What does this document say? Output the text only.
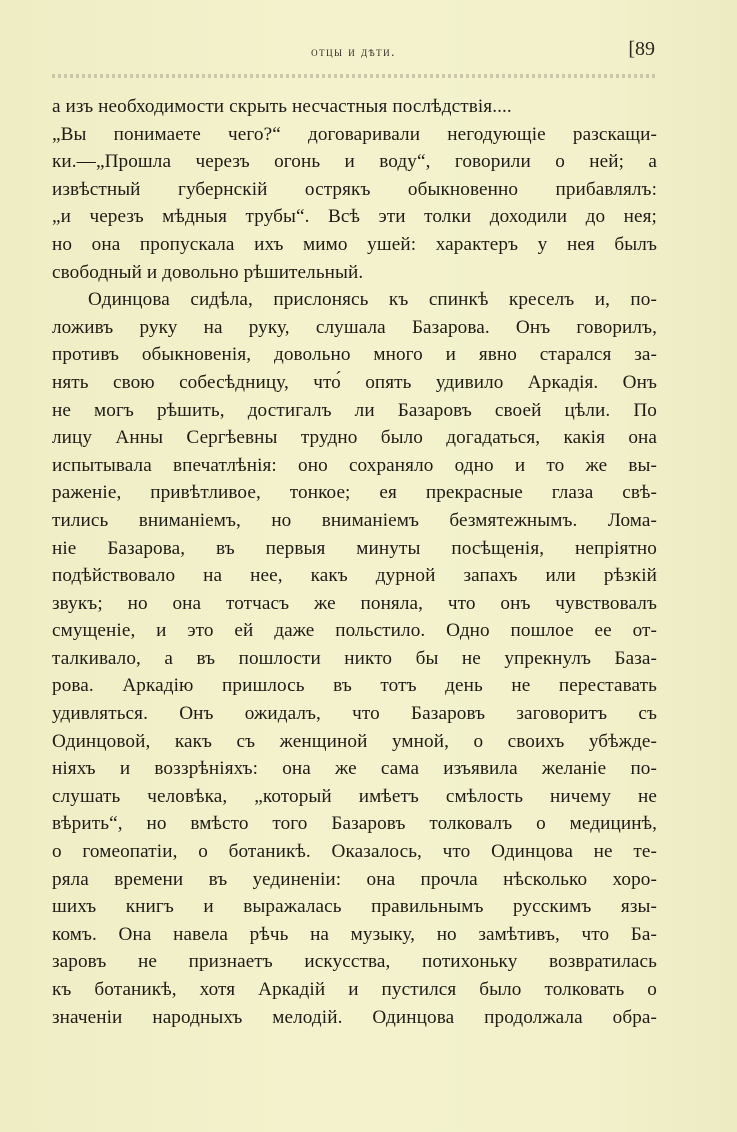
отцы и дѣти.	[89
а изъ необходимости скрыть несчастныя послѣдствія....
„Вы понимаете чего?“ договаривали негодующіе разскащи-
ки.—„Прошла черезъ огонь и воду“, говорили о ней; а
извѣстный губернскій острякъ обыкновенно прибавлялъ:
„и черезъ мѣдныя трубы“. Всѣ эти толки доходили до нея;
но она пропускала ихъ мимо ушей: характеръ у нея былъ
свободный и довольно рѣшительный.
Одинцова сидѣла, прислонясь къ спинкѣ креселъ и, по-
ложивъ руку на руку, слушала Базарова. Онъ говорилъ,
противъ обыкновенія, довольно много и явно старался за-
нять свою собесѣдницу, что́ опять удивило Аркадія. Онъ
не могъ рѣшить, достигалъ ли Базаровъ своей цѣли. По
лицу Анны Сергѣевны трудно было догадаться, какія она
испытывала впечатлѣнія: оно сохраняло одно и то же вы-
раженіе, привѣтливое, тонкое; ея прекрасные глаза свѣ-
тились вниманіемъ, но вниманіемъ безмятежнымъ. Лома-
ніе Базарова, въ первыя минуты посѣщенія, непріятно
подѣйствовало на нее, какъ дурной запахъ или рѣзкій
звукъ; но она тотчасъ же поняла, что онъ чувствовалъ
смущеніе, и это ей даже польстило. Одно пошлое ее от-
талкивало, а въ пошлости никто бы не упрекнулъ База-
рова. Аркадію пришлось въ тотъ день не переставать
удивляться. Онъ ожидалъ, что Базаровъ заговоритъ съ
Одинцовой, какъ съ женщиной умной, о своихъ убѣжде-
ніяхъ и воззрѣніяхъ: она же сама изъявила желаніе по-
слушать человѣка, „который имѣетъ смѣлость ничему не
вѣрить“, но вмѣсто того Базаровъ толковалъ о медицинѣ,
о гомеопатіи, о ботаникѣ. Оказалось, что Одинцова не те-
ряла времени въ уединеніи: она прочла нѣсколько хоро-
шихъ книгъ и выражалась правильнымъ русскимъ язы-
комъ. Она навела рѣчь на музыку, но замѣтивъ, что Ба-
заровъ не признаетъ искусства, потихоньку возвратилась
къ ботаникѣ, хотя Аркадій и пустился было толковать о
значеніи народныхъ мелодій. Одинцова продолжала обра-
